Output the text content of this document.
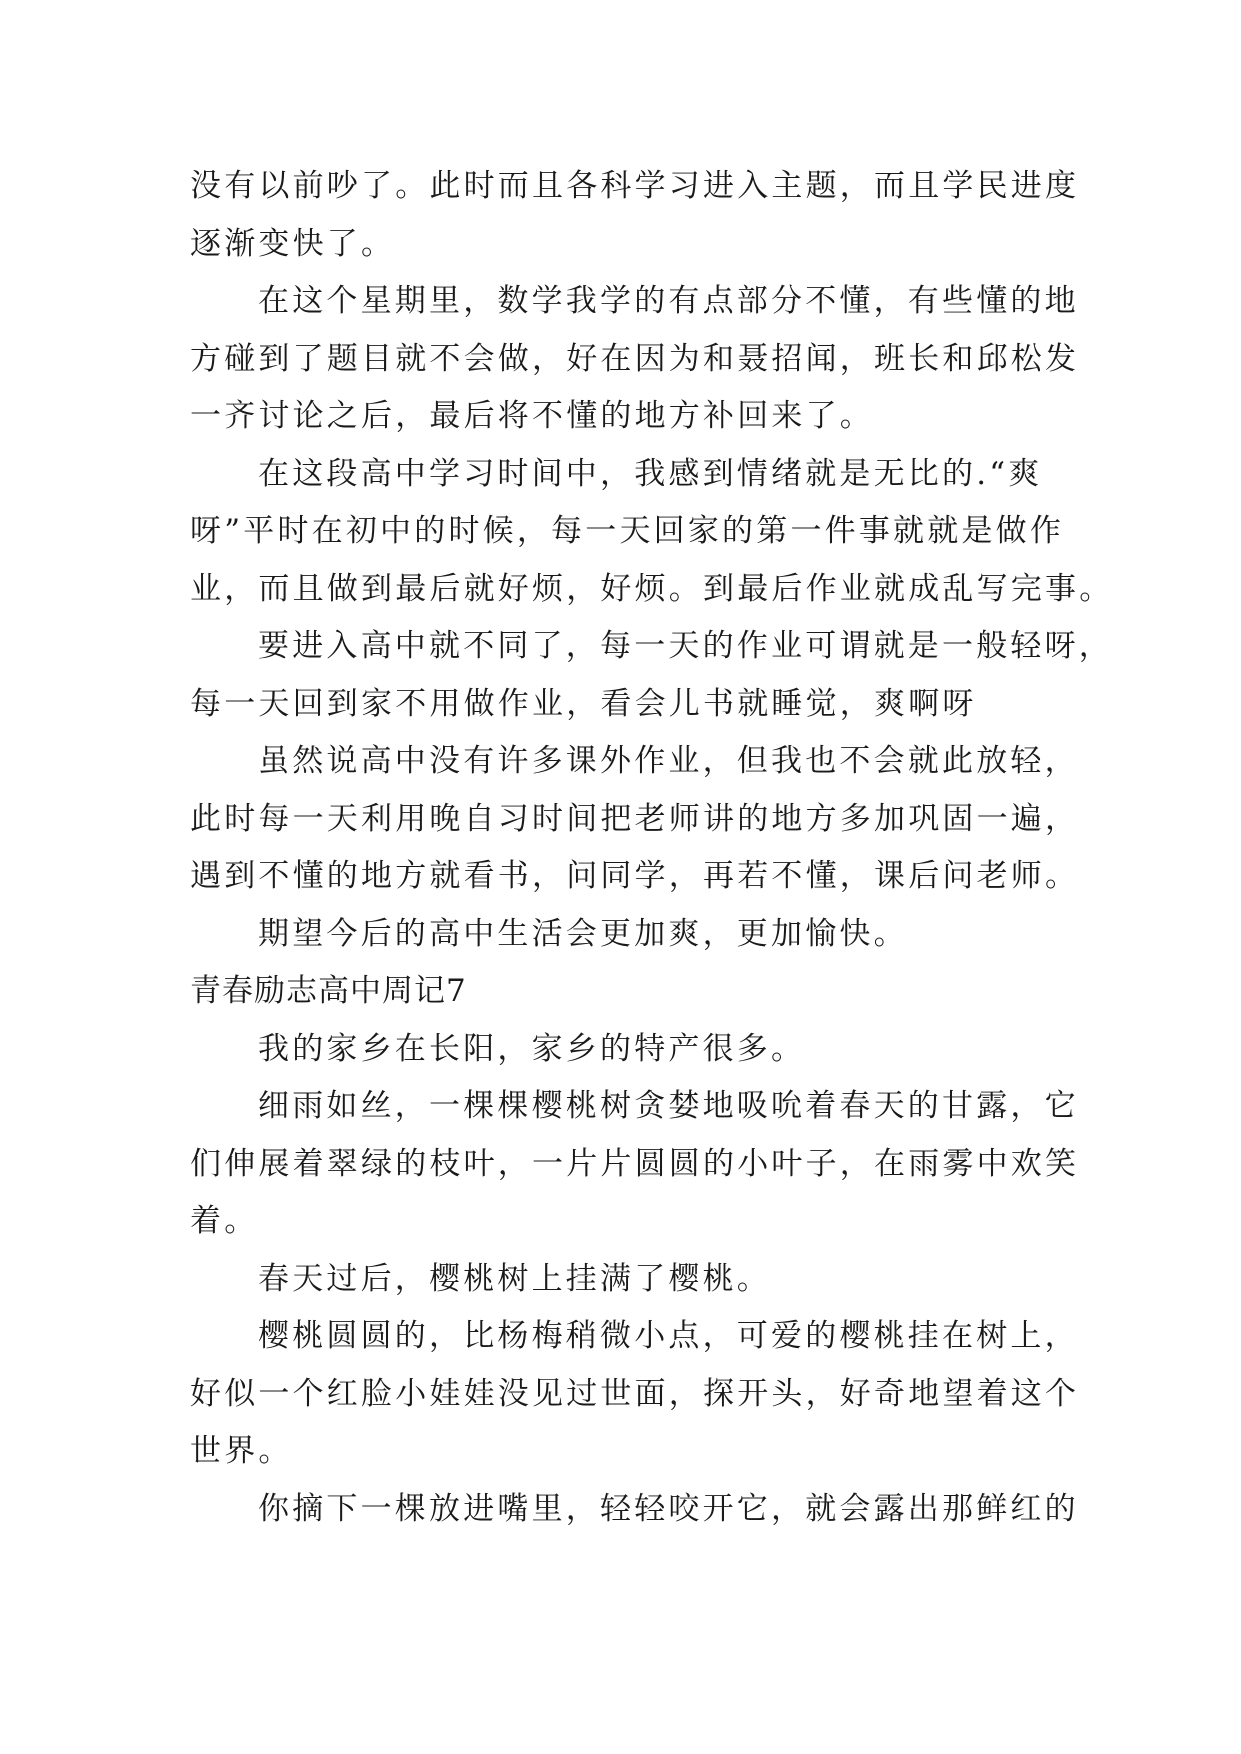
没有以前吵了。此时而且各科学习进入主题，而且学民进度
逐渐变快了。
在这个星期里，数学我学的有点部分不懂，有些懂的地
方碰到了题目就不会做，好在因为和聂招闻，班长和邱松发
一齐讨论之后，最后将不懂的地方补回来了。
在这段高中学习时间中，我感到情绪就是无比的.“爽
呀”平时在初中的时候，每一天回家的第一件事就就是做作
业，而且做到最后就好烦，好烦。到最后作业就成乱写完事。
要进入高中就不同了，每一天的作业可谓就是一般轻呀，
每一天回到家不用做作业，看会儿书就睡觉，爽啊呀
虽然说高中没有许多课外作业，但我也不会就此放轻，
此时每一天利用晚自习时间把老师讲的地方多加巩固一遍，
遇到不懂的地方就看书，问同学，再若不懂，课后问老师。
期望今后的高中生活会更加爽，更加愉快。
青春励志高中周记7
我的家乡在长阳，家乡的特产很多。
细雨如丝，一棵棵樱桃树贪婪地吸吮着春天的甘露，它
们伸展着翠绿的枝叶，一片片圆圆的小叶子，在雨雾中欢笑
着。
春天过后，樱桃树上挂满了樱桃。
樱桃圆圆的，比杨梅稍微小点，可爱的樱桃挂在树上，
好似一个红脸小娃娃没见过世面，探开头，好奇地望着这个
世界。
你摘下一棵放进嘴里，轻轻咬开它，就会露出那鲜红的
